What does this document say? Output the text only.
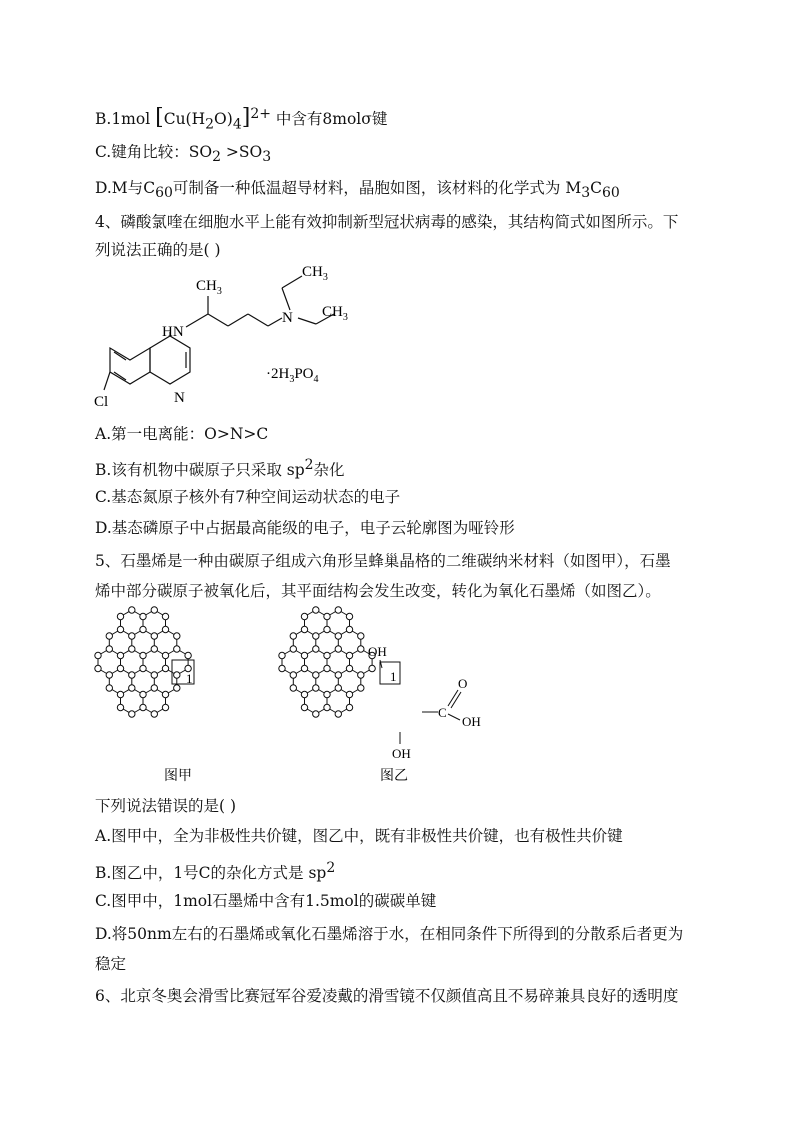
B.1mol $[Cu(H_2O)_4]^{2+}$ 中含有8molσ键
C.键角比较：$SO_2 >SO_3$
D.M与$C_{60}$可制备一种低温超导材料，晶胞如图，该材料的化学式为 $M_3C_{60}$
4、磷酸氯喹在细胞水平上能有效抑制新型冠状病毒的感染，其结构简式如图所示。下
列说法正确的是( )
$CH_3$
$CH_3$
$CH_3$
HN
N
N
Cl
$\cdot 2H_3PO_4$
A.第一电离能：O>N>C
B.该有机物中碳原子只采取 $sp^2$杂化
C.基态氮原子核外有7种空间运动状态的电子
D.基态磷原子中占据最高能级的电子，电子云轮廓图为哑铃形
5、石墨烯是一种由碳原子组成六角形呈蜂巢晶格的二维碳纳米材料（如图甲），石墨
烯中部分碳原子被氧化后，其平面结构会发生改变，转化为氧化石墨烯（如图乙）。
1
图甲
1
OH
OH
C
O
OH
图乙
下列说法错误的是( )
A.图甲中，全为非极性共价键，图乙中，既有非极性共价键，也有极性共价键
B.图乙中，1号C的杂化方式是 $sp^2$
C.图甲中，1mol石墨烯中含有1.5mol的碳碳单键
D.将50nm左右的石墨烯或氧化石墨烯溶于水，在相同条件下所得到的分散系后者更为
稳定
6、北京冬奥会滑雪比赛冠军谷爱凌戴的滑雪镜不仅颜值高且不易碎兼具良好的透明度
